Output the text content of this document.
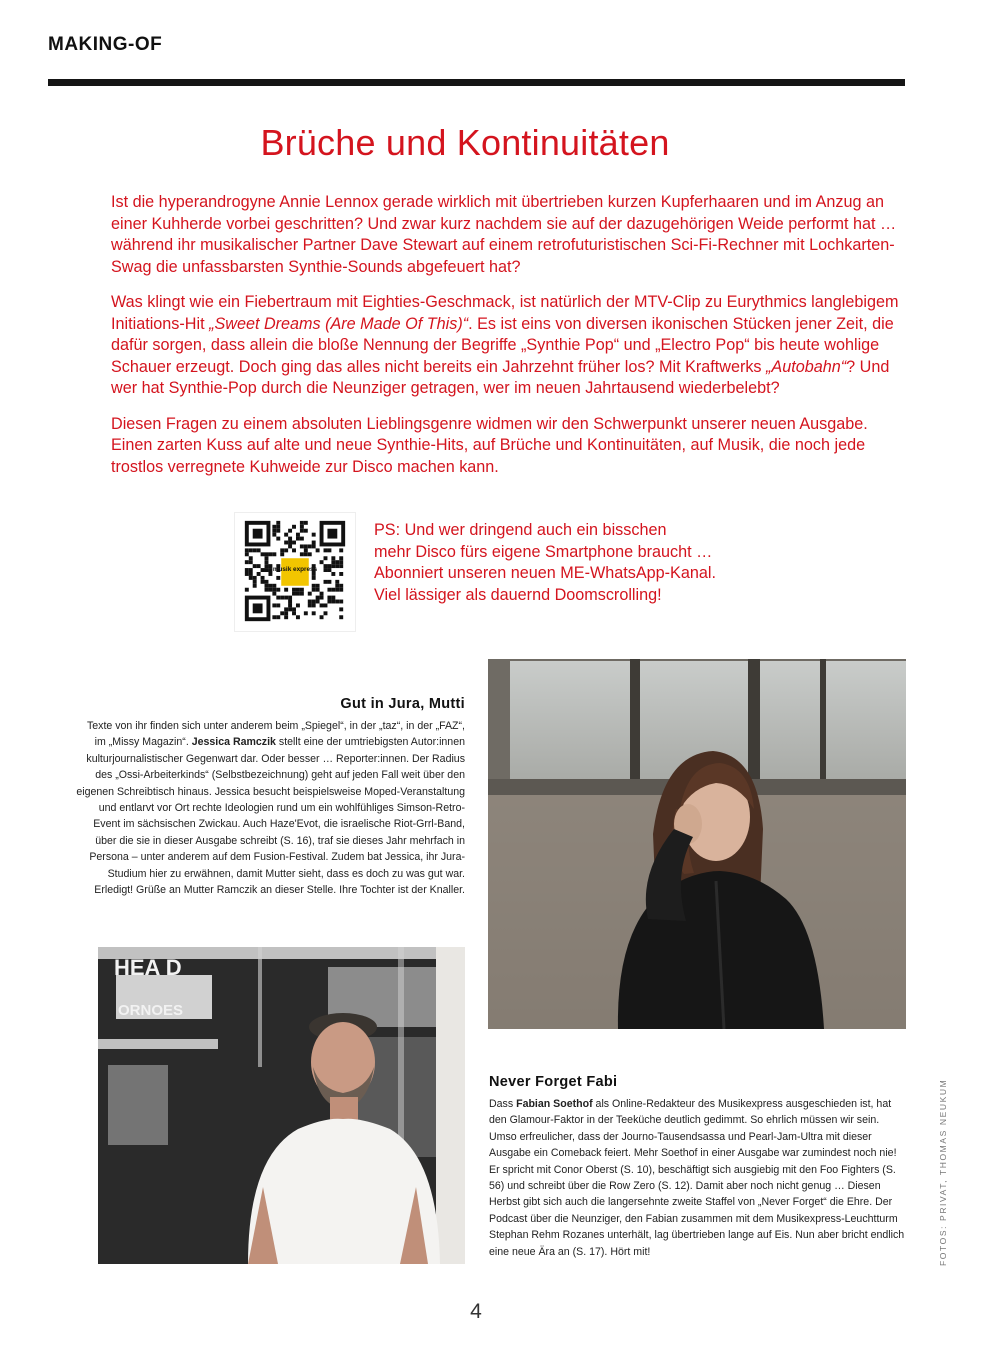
MAKING-OF
Brüche und Kontinuitäten

Ist die hyperandrogyne Annie Lennox gerade wirklich mit übertrieben kurzen Kupferhaaren und im Anzug an einer Kuhherde vorbei geschritten? Und zwar kurz nachdem sie auf der dazugehörigen Weide performt hat … während ihr musikalischer Partner Dave Stewart auf einem retrofuturistischen Sci-Fi-Rechner mit Lochkarten-Swag die unfassbarsten Synthie-Sounds abgefeuert hat?

Was klingt wie ein Fiebertraum mit Eighties-Geschmack, ist natürlich der MTV-Clip zu Eurythmics langlebigem Initiations-Hit „Sweet Dreams (Are Made Of This)“. Es ist eins von diversen ikonischen Stücken jener Zeit, die dafür sorgen, dass allein die bloße Nennung der Begriffe „Synthie Pop“ und „Electro Pop“ bis heute wohlige Schauer erzeugt. Doch ging das alles nicht bereits ein Jahrzehnt früher los? Mit Kraftwerks „Autobahn“? Und wer hat Synthie-Pop durch die Neunziger getragen, wer im neuen Jahrtausend wiederbelebt?

Diesen Fragen zu einem absoluten Lieblingsgenre widmen wir den Schwerpunkt unserer neuen Ausgabe. Einen zarten Kuss auf alte und neue Synthie-Hits, auf Brüche und Kontinuitäten, auf Musik, die noch jede trostlos verregnete Kuhweide zur Disco machen kann.

musik express
PS: Und wer dringend auch ein bisschen
mehr Disco fürs eigene Smartphone braucht …
Abonniert unseren neuen ME-WhatsApp-Kanal.
Viel lässiger als dauernd Doomscrolling!
Gut in Jura, Mutti
Texte von ihr finden sich unter anderem beim „Spiegel“, in der „taz“, in der „FAZ“, im „Missy Magazin“. Jessica Ramczik stellt eine der umtriebigsten Autor:innen kulturjournalistischer Gegenwart dar. Oder besser … Reporter:innen. Der Radius des „Ossi-Arbeiterkinds“ (Selbstbezeichnung) geht auf jeden Fall weit über den eigenen Schreibtisch hinaus. Jessica besucht beispielsweise Moped-Veranstaltung und entlarvt vor Ort rechte Ideologien rund um ein wohlfühliges Simson-Retro-Event im sächsischen Zwickau. Auch Haze'Evot, die israelische Riot-Grrl-Band, über die sie in dieser Ausgabe schreibt (S. 16), traf sie dieses Jahr mehrfach in Persona – unter anderem auf dem Fusion-Festival. Zudem bat Jessica, ihr Jura-Studium hier zu erwähnen, damit Mutter sieht, dass es doch zu was gut war. Erledigt! Grüße an Mutter Ramczik an dieser Stelle. Ihre Tochter ist der Knaller.
HEA D
ORNOES
Never Forget Fabi
Dass Fabian Soethof als Online-Redakteur des Musikexpress ausgeschieden ist, hat den Glamour-Faktor in der Teeküche deutlich gedimmt. So ehrlich müssen wir sein. Umso erfreulicher, dass der Journo-Tausendsassa und Pearl-Jam-Ultra mit dieser Ausgabe ein Comeback feiert. Mehr Soethof in einer Ausgabe war zumindest noch nie! Er spricht mit Conor Oberst (S. 10), beschäftigt sich ausgiebig mit den Foo Fighters (S. 56) und schreibt über die Row Zero (S. 12). Damit aber noch nicht genug … Diesen Herbst gibt sich auch die langersehnte zweite Staffel von „Never Forget“ die Ehre. Der Podcast über die Neunziger, den Fabian zusammen mit dem Musikexpress-Leuchtturm Stephan Rehm Rozanes unterhält, lag übertrieben lange auf Eis. Nun aber bricht endlich eine neue Ära an (S. 17). Hört mit!	FOTOS: PRIVAT, THOMAS NEUKUM
4
